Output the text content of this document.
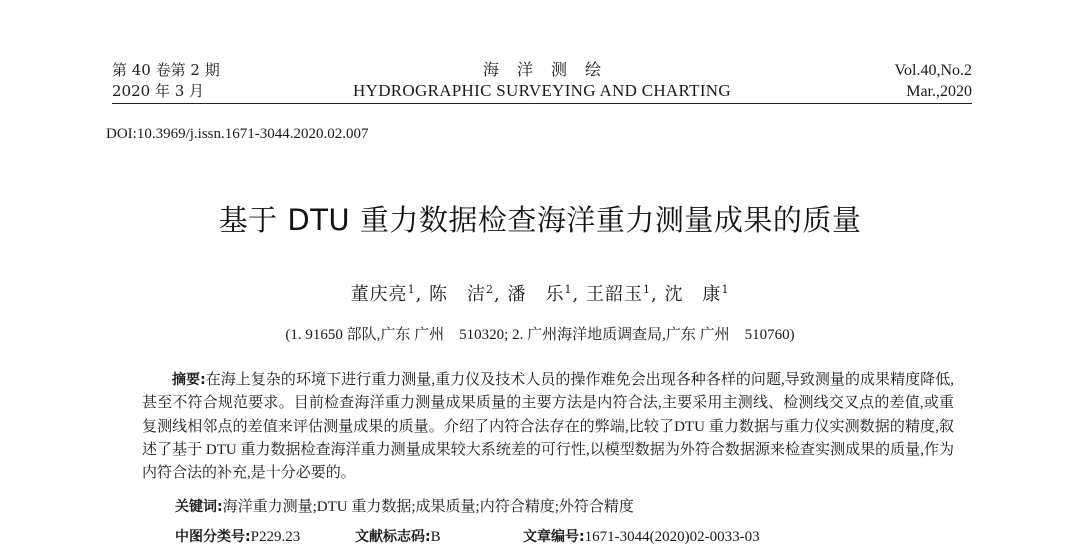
第 40 卷第 2 期
2020 年 3 月
海洋测绘
HYDROGRAPHIC SURVEYING AND CHARTING
Vol.40,No.2
Mar.,2020
DOI:10.3969/j.issn.1671-3044.2020.02.007
基于 DTU 重力数据检查海洋重力测量成果的质量
董庆亮$^1$, 陈　洁$^2$, 潘　乐$^1$, 王韶玉$^1$, 沈　康$^1$
(1. 91650 部队,广东 广州　510320; 2. 广州海洋地质调查局,广东 广州　510760)
摘要:在海上复杂的环境下进行重力测量,重力仪及技术人员的操作难免会出现各种各样的问题,导致测量的成果精度降低,甚至不符合规范要求。目前检查海洋重力测量成果质量的主要方法是内符合法,主要采用主测线、检测线交叉点的差值,或重复测线相邻点的差值来评估测量成果的质量。介绍了内符合法存在的弊端,比较了DTU 重力数据与重力仪实测数据的精度,叙述了基于 DTU 重力数据检查海洋重力测量成果较大系统差的可行性,以模型数据为外符合数据源来检查实测成果的质量,作为内符合法的补充,是十分必要的。
关键词:海洋重力测量;DTU 重力数据;成果质量;内符合精度;外符合精度
中图分类号:P229.23	文献标志码:B	文章编号:1671-3044(2020)02-0033-03
